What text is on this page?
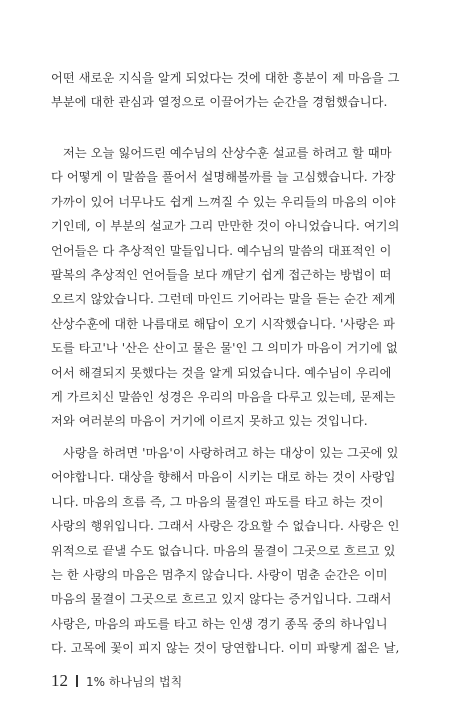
어떤 새로운 지식을 알게 되었다는 것에 대한 흥분이 제 마음을 그
부분에 대한 관심과 열정으로 이끌어가는 순간을 경험했습니다.
저는 오늘 잃어드린 예수님의 산상수훈 설교를 하려고 할 때마
다 어떻게 이 말씀을 풀어서 설명해볼까를 늘 고심했습니다. 가장
가까이 있어 너무나도 쉽게 느껴질 수 있는 우리들의 마음의 이야
기인데, 이 부분의 설교가 그리 만만한 것이 아니었습니다. 여기의
언어들은 다 추상적인 말들입니다. 예수님의 말씀의 대표적인 이
팔복의 추상적인 언어들을 보다 깨닫기 쉽게 접근하는 방법이 떠
오르지 않았습니다. 그런데 마인드 기어라는 말을 듣는 순간 제게
산상수훈에 대한 나름대로 해답이 오기 시작했습니다. '사랑은 파
도를 타고'나 '산은 산이고 물은 물'인 그 의미가 마음이 거기에 없
어서 해결되지 못했다는 것을 알게 되었습니다. 예수님이 우리에
게 가르치신 말씀인 성경은 우리의 마음을 다루고 있는데, 문제는
저와 여러분의 마음이 거기에 이르지 못하고 있는 것입니다.
사랑을 하려면 '마음'이 사랑하려고 하는 대상이 있는 그곳에 있
어야합니다. 대상을 향해서 마음이 시키는 대로 하는 것이 사랑입
니다. 마음의 흐름 즉, 그 마음의 물결인 파도를 타고 하는 것이
사랑의 행위입니다. 그래서 사랑은 강요할 수 없습니다. 사랑은 인
위적으로 끝낼 수도 없습니다. 마음의 물결이 그곳으로 흐르고 있
는 한 사랑의 마음은 멈추지 않습니다. 사랑이 멈춘 순간은 이미
마음의 물결이 그곳으로 흐르고 있지 않다는 증거입니다. 그래서
사랑은, 마음의 파도를 타고 하는 인생 경기 종목 중의 하나입니
다. 고목에 꽃이 피지 않는 것이 당연합니다. 이미 파랗게 젊은 날,
12 1% 하나님의 법칙
